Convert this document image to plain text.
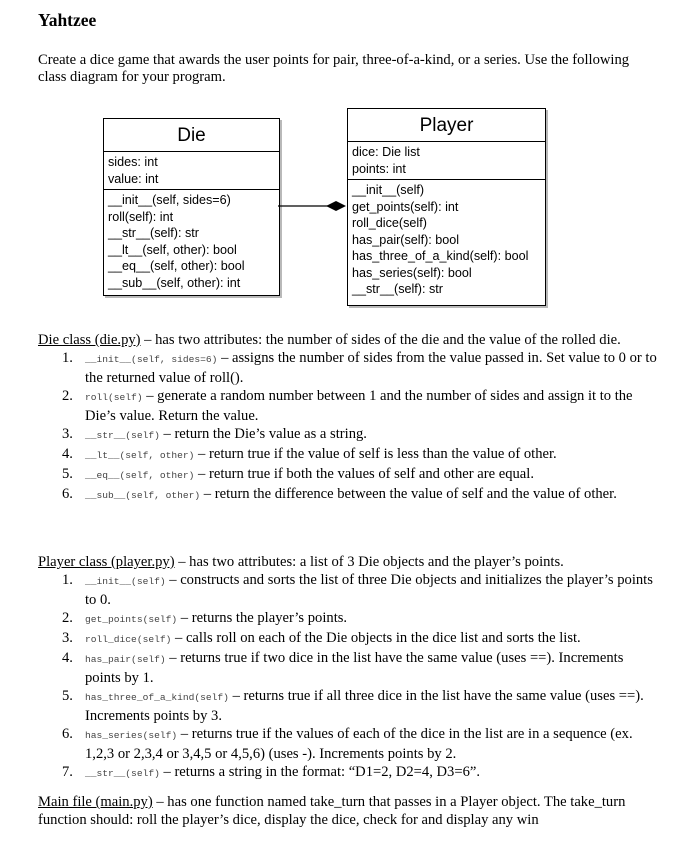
Yahtzee
Create a dice game that awards the user points for pair, three-of-a-kind, or a series. Use the following class diagram for your program.
Die
sides: int
value: int
__init__(self, sides=6)
roll(self): int
__str__(self): str
__lt__(self, other): bool
__eq__(self, other): bool
__sub__(self, other): int
Player
dice: Die list
points: int
__init__(self)
get_points(self): int
roll_dice(self)
has_pair(self): bool
has_three_of_a_kind(self): bool
has_series(self): bool
__str__(self): str
Die class (die.py) – has two attributes: the number of sides of the die and the value of the rolled die.
1. __init__(self, sides=6) – assigns the number of sides from the value passed in. Set value to 0 or to the returned value of roll().
2. roll(self) – generate a random number between 1 and the number of sides and assign it to the Die’s value. Return the value.
3. __str__(self) – return the Die’s value as a string.
4. __lt__(self, other) – return true if the value of self is less than the value of other.
5. __eq__(self, other) – return true if both the values of self and other are equal.
6. __sub__(self, other) – return the difference between the value of self and the value of other.
Player class (player.py) – has two attributes: a list of 3 Die objects and the player’s points.
1. __init__(self) – constructs and sorts the list of three Die objects and initializes the player’s points to 0.
2. get_points(self) – returns the player’s points.
3. roll_dice(self) – calls roll on each of the Die objects in the dice list and sorts the list.
4. has_pair(self) – returns true if two dice in the list have the same value (uses ==). Increments points by 1.
5. has_three_of_a_kind(self) – returns true if all three dice in the list have the same value (uses ==). Increments points by 3.
6. has_series(self) – returns true if the values of each of the dice in the list are in a sequence (ex. 1,2,3 or 2,3,4 or 3,4,5 or 4,5,6) (uses -). Increments points by 2.
7. __str__(self) – returns a string in the format: “D1=2, D2=4, D3=6”.
Main file (main.py) – has one function named take_turn that passes in a Player object. The take_turn function should: roll the player’s dice, display the dice, check for and display any win
